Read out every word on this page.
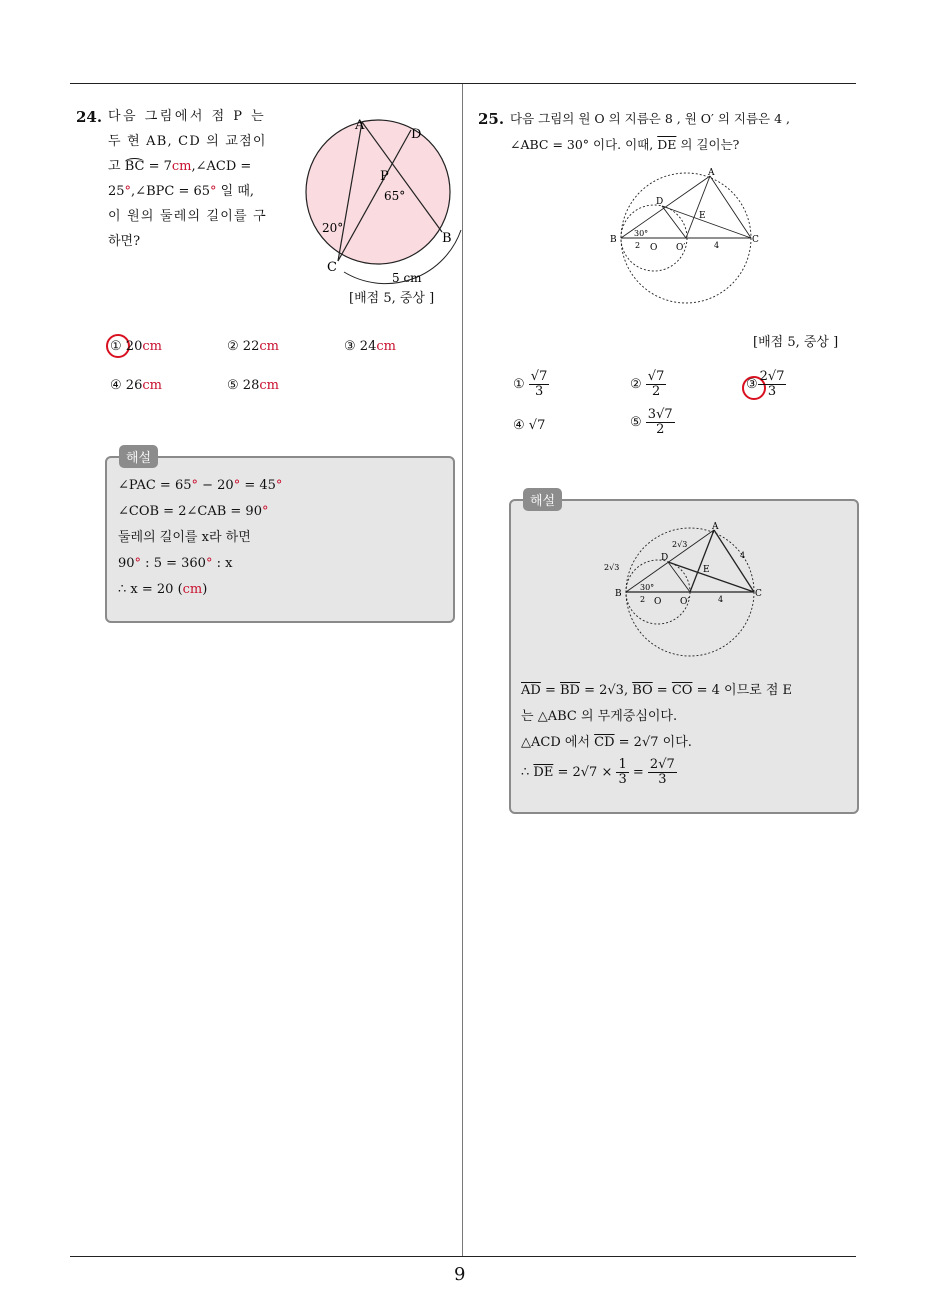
9
24. 다음 그림에서 점 P 는
두 현 AB, CD 의 교점이
고 BC = 7cm,∠ACD =
25°,∠BPC = 65° 일 때,
이 원의 둘레의 길이를 구
하면?
A
D
P
65°
20°
B
C
5 cm
[배점 5, 중상 ]
① 20cm	② 22cm	③ 24cm
④ 26cm	⑤ 28cm
해설
∠PAC = 65° − 20° = 45°
∠COB = 2∠CAB = 90°
둘레의 길이를 x라 하면
90° : 5 = 360° : x
∴ x = 20 (cm)
25. 다음 그림의 원 O 의 지름은 8 , 원 O′ 의 지름은 4 ,
∠ABC = 30° 이다. 이때, $\overline{DE}$ 의 길이는?
A
D
E
B
O O′
C
30°
2	4
[배점 5, 중상 ]
① $\frac{√7}{3}$	② $\frac{√7}{2}$	③ $\frac{2√7}{3}$
④ √7	⑤ $\frac{3√7}{2}$
해설
A
D
E
B
O O′
C
2√3
2√3
4
30°
2	4
$\overline{AD} = \overline{BD} = 2√3$, $\overline{BO} = \overline{CO} = 4$ 이므로 점 E
는 △ABC 의 무게중심이다.
△ACD 에서 $\overline{CD} = 2√7$ 이다.
∴ $\overline{DE} = 2√7 \times \frac{1}{3} = \frac{2√7}{3}$
